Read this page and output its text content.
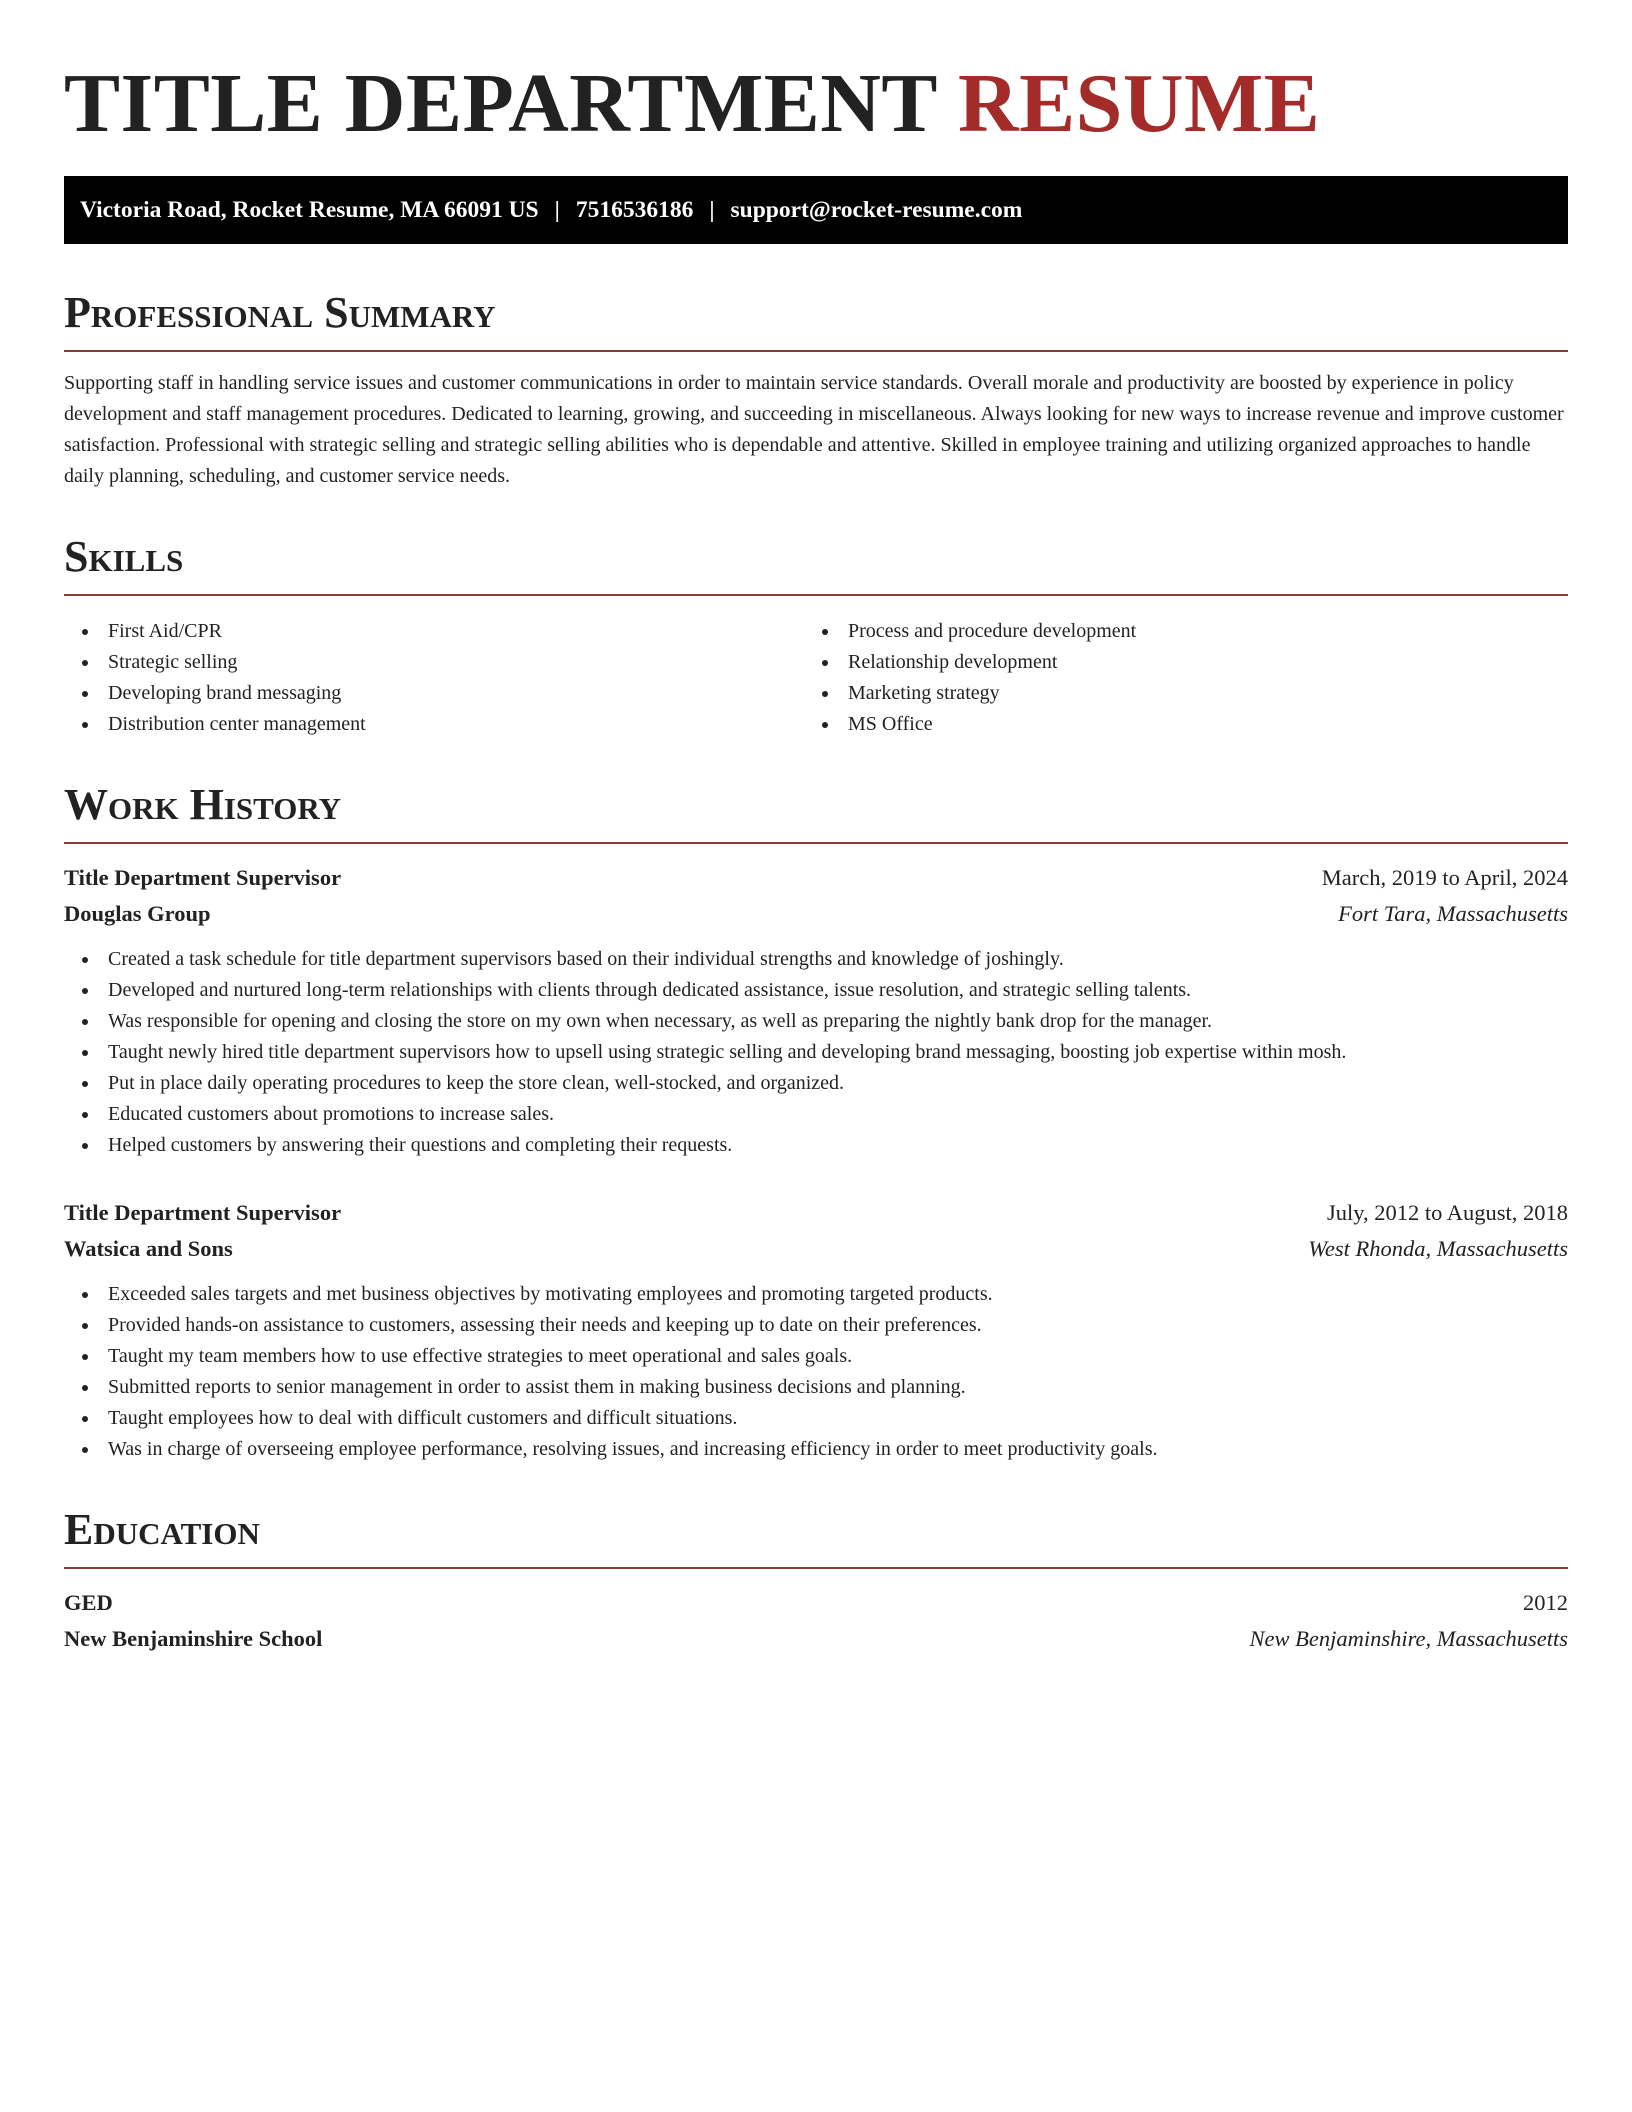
TITLE DEPARTMENT RESUME
Victoria Road, Rocket Resume, MA 66091 US | 7516536186 | support@rocket-resume.com
Professional Summary

Supporting staff in handling service issues and customer communications in order to maintain service standards. Overall morale and productivity are boosted by experience in policy development and staff management procedures. Dedicated to learning, growing, and succeeding in miscellaneous. Always looking for new ways to increase revenue and improve customer satisfaction. Professional with strategic selling and strategic selling abilities who is dependable and attentive. Skilled in employee training and utilizing organized approaches to handle daily planning, scheduling, and customer service needs.

Skills
First Aid/CPR
Strategic selling
Developing brand messaging
Distribution center management
Process and procedure development
Relationship development
Marketing strategy
MS Office
Work History
Title Department Supervisor	March, 2019 to April, 2024
Douglas Group	Fort Tara, Massachusetts
Created a task schedule for title department supervisors based on their individual strengths and knowledge of joshingly.
Developed and nurtured long-term relationships with clients through dedicated assistance, issue resolution, and strategic selling talents.
Was responsible for opening and closing the store on my own when necessary, as well as preparing the nightly bank drop for the manager.
Taught newly hired title department supervisors how to upsell using strategic selling and developing brand messaging, boosting job expertise within mosh.
Put in place daily operating procedures to keep the store clean, well-stocked, and organized.
Educated customers about promotions to increase sales.
Helped customers by answering their questions and completing their requests.
Title Department Supervisor	July, 2012 to August, 2018
Watsica and Sons	West Rhonda, Massachusetts
Exceeded sales targets and met business objectives by motivating employees and promoting targeted products.
Provided hands-on assistance to customers, assessing their needs and keeping up to date on their preferences.
Taught my team members how to use effective strategies to meet operational and sales goals.
Submitted reports to senior management in order to assist them in making business decisions and planning.
Taught employees how to deal with difficult customers and difficult situations.
Was in charge of overseeing employee performance, resolving issues, and increasing efficiency in order to meet productivity goals.
Education
GED	2012
New Benjaminshire School	New Benjaminshire, Massachusetts
